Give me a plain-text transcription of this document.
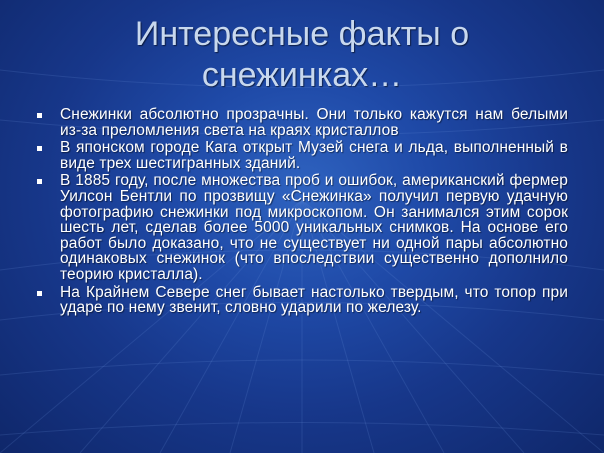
Интересные факты о
снежинках…
Снежинки абсолютно прозрачны. Они только кажутся нам белыми из-за преломления света на краях кристаллов
В японском городе Кага открыт Музей снега и льда, выполненный в виде трех шестигранных зданий.
В 1885 году, после множества проб и ошибок, американский фермер Уилсон Бентли по прозвищу «Снежинка» получил первую удачную фотографию снежинки под микроскопом. Он занимался этим сорок шесть лет, сделав более 5000 уникальных снимков. На основе его работ было доказано, что не существует ни одной пары абсолютно одинаковых снежинок (что впоследствии существенно дополнило теорию кристалла).
На Крайнем Севере снег бывает настолько твердым, что топор при ударе по нему звенит, словно ударили по железу.
